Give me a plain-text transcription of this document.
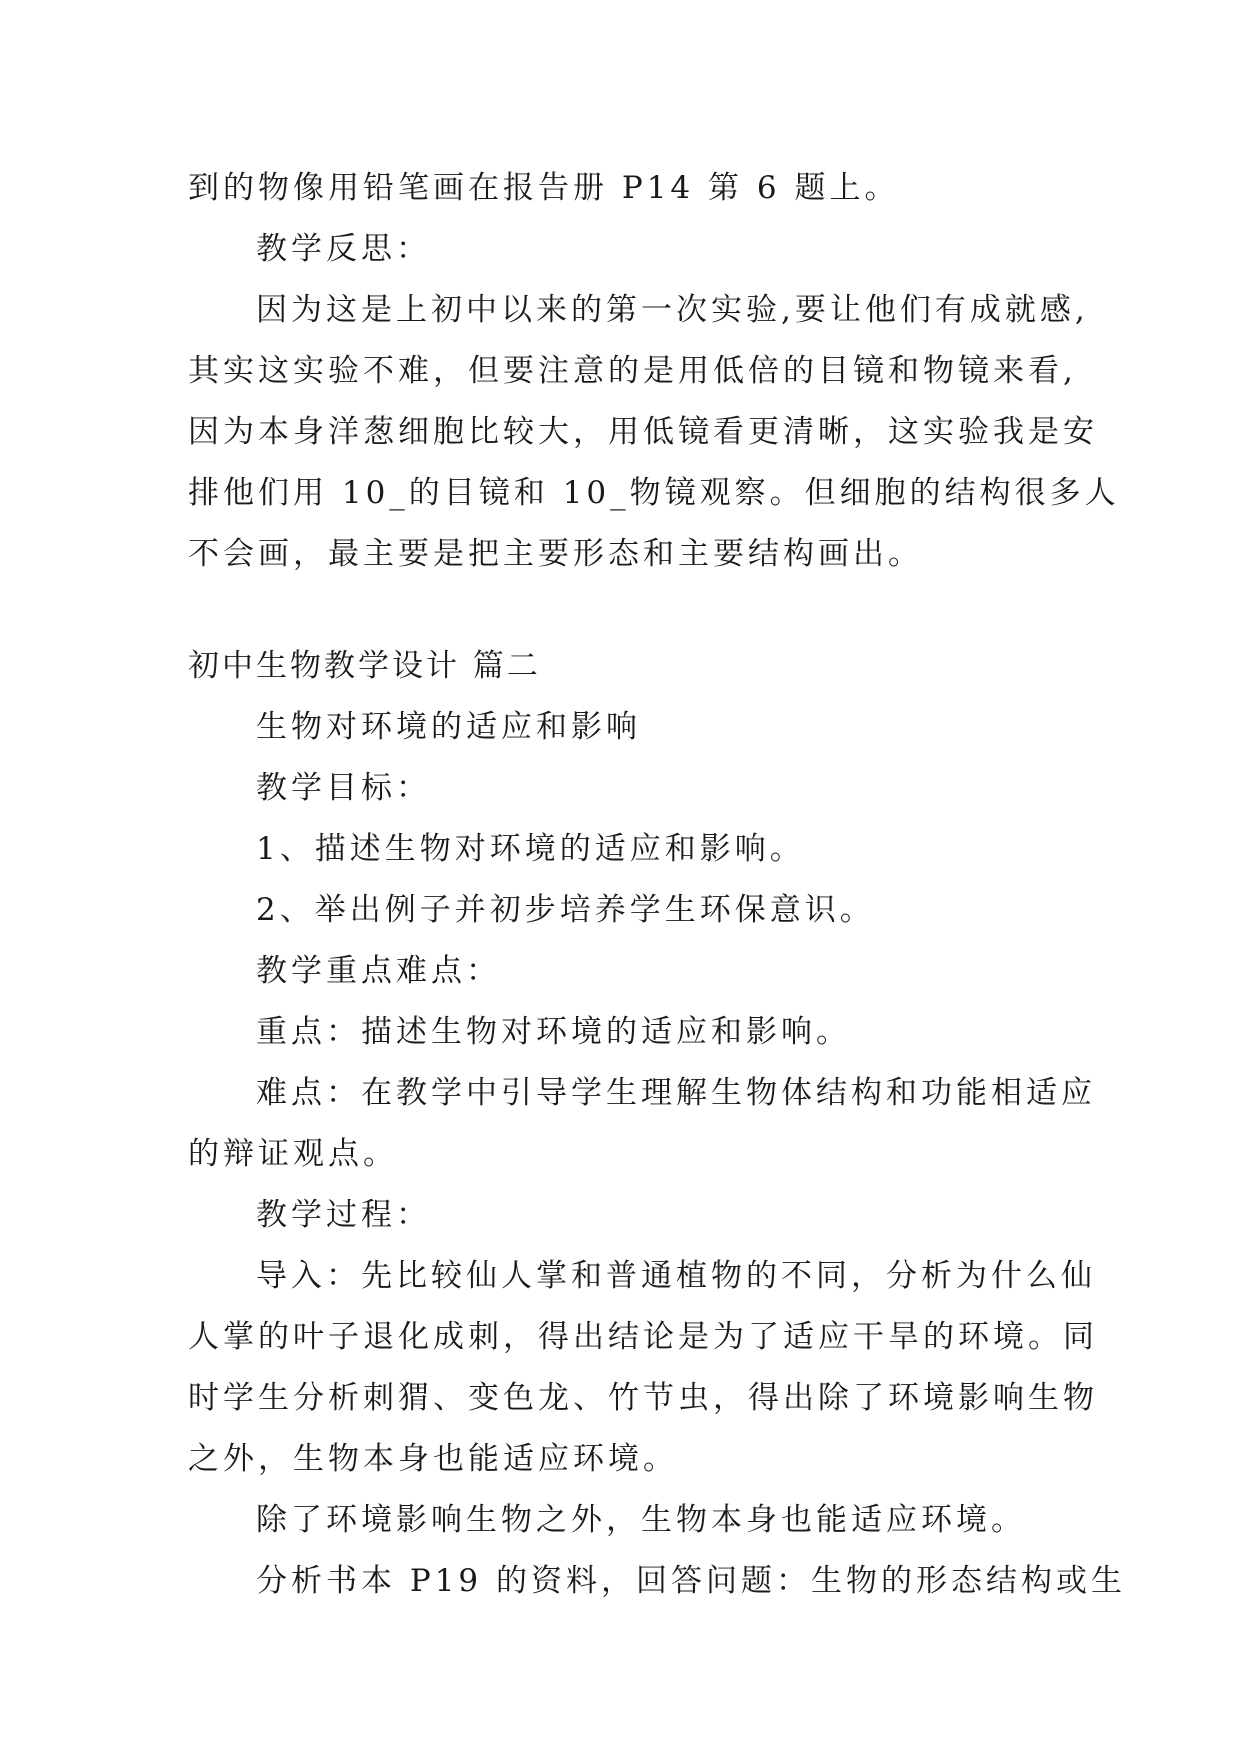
到的物像用铅笔画在报告册 P14 第 6 题上。
教学反思：
因为这是上初中以来的第一次实验,要让他们有成就感,
其实这实验不难，但要注意的是用低倍的目镜和物镜来看,
因为本身洋葱细胞比较大，用低镜看更清晰，这实验我是安
排他们用 10_的目镜和 10_物镜观察。但细胞的结构很多人
不会画，最主要是把主要形态和主要结构画出。
初中生物教学设计 篇二
生物对环境的适应和影响
教学目标：
1、描述生物对环境的适应和影响。
2、举出例子并初步培养学生环保意识。
教学重点难点：
重点：描述生物对环境的适应和影响。
难点：在教学中引导学生理解生物体结构和功能相适应
的辩证观点。
教学过程：
导入：先比较仙人掌和普通植物的不同，分析为什么仙
人掌的叶子退化成刺，得出结论是为了适应干旱的环境。同
时学生分析刺猬、变色龙、竹节虫，得出除了环境影响生物
之外，生物本身也能适应环境。
除了环境影响生物之外，生物本身也能适应环境。
分析书本 P19 的资料，回答问题：生物的形态结构或生
